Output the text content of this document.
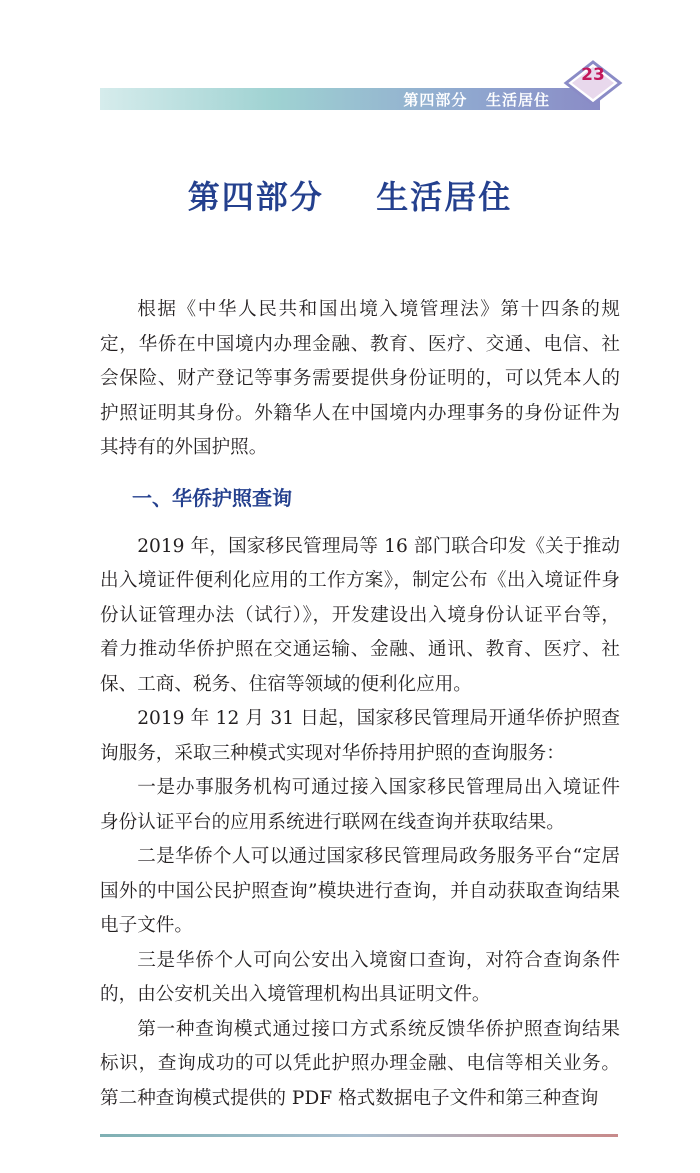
第四部分   生活居住
23
第四部分    生活居住

根据《中华人民共和国出境入境管理法》第十四条的规定，华侨在中国境内办理金融、教育、医疗、交通、电信、社会保险、财产登记等事务需要提供身份证明的，可以凭本人的护照证明其身份。外籍华人在中国境内办理事务的身份证件为其持有的外国护照。

一、华侨护照查询

2019 年，国家移民管理局等 16 部门联合印发《关于推动出入境证件便利化应用的工作方案》，制定公布《出入境证件身份认证管理办法（试行）》，开发建设出入境身份认证平台等，着力推动华侨护照在交通运输、金融、通讯、教育、医疗、社保、工商、税务、住宿等领域的便利化应用。

2019 年 12 月 31 日起，国家移民管理局开通华侨护照查询服务，采取三种模式实现对华侨持用护照的查询服务：

一是办事服务机构可通过接入国家移民管理局出入境证件身份认证平台的应用系统进行联网在线查询并获取结果。

二是华侨个人可以通过国家移民管理局政务服务平台“定居国外的中国公民护照查询”模块进行查询，并自动获取查询结果电子文件。

三是华侨个人可向公安出入境窗口查询，对符合查询条件的，由公安机关出入境管理机构出具证明文件。

第一种查询模式通过接口方式系统反馈华侨护照查询结果标识，查询成功的可以凭此护照办理金融、电信等相关业务。第二种查询模式提供的 PDF 格式数据电子文件和第三种查询
